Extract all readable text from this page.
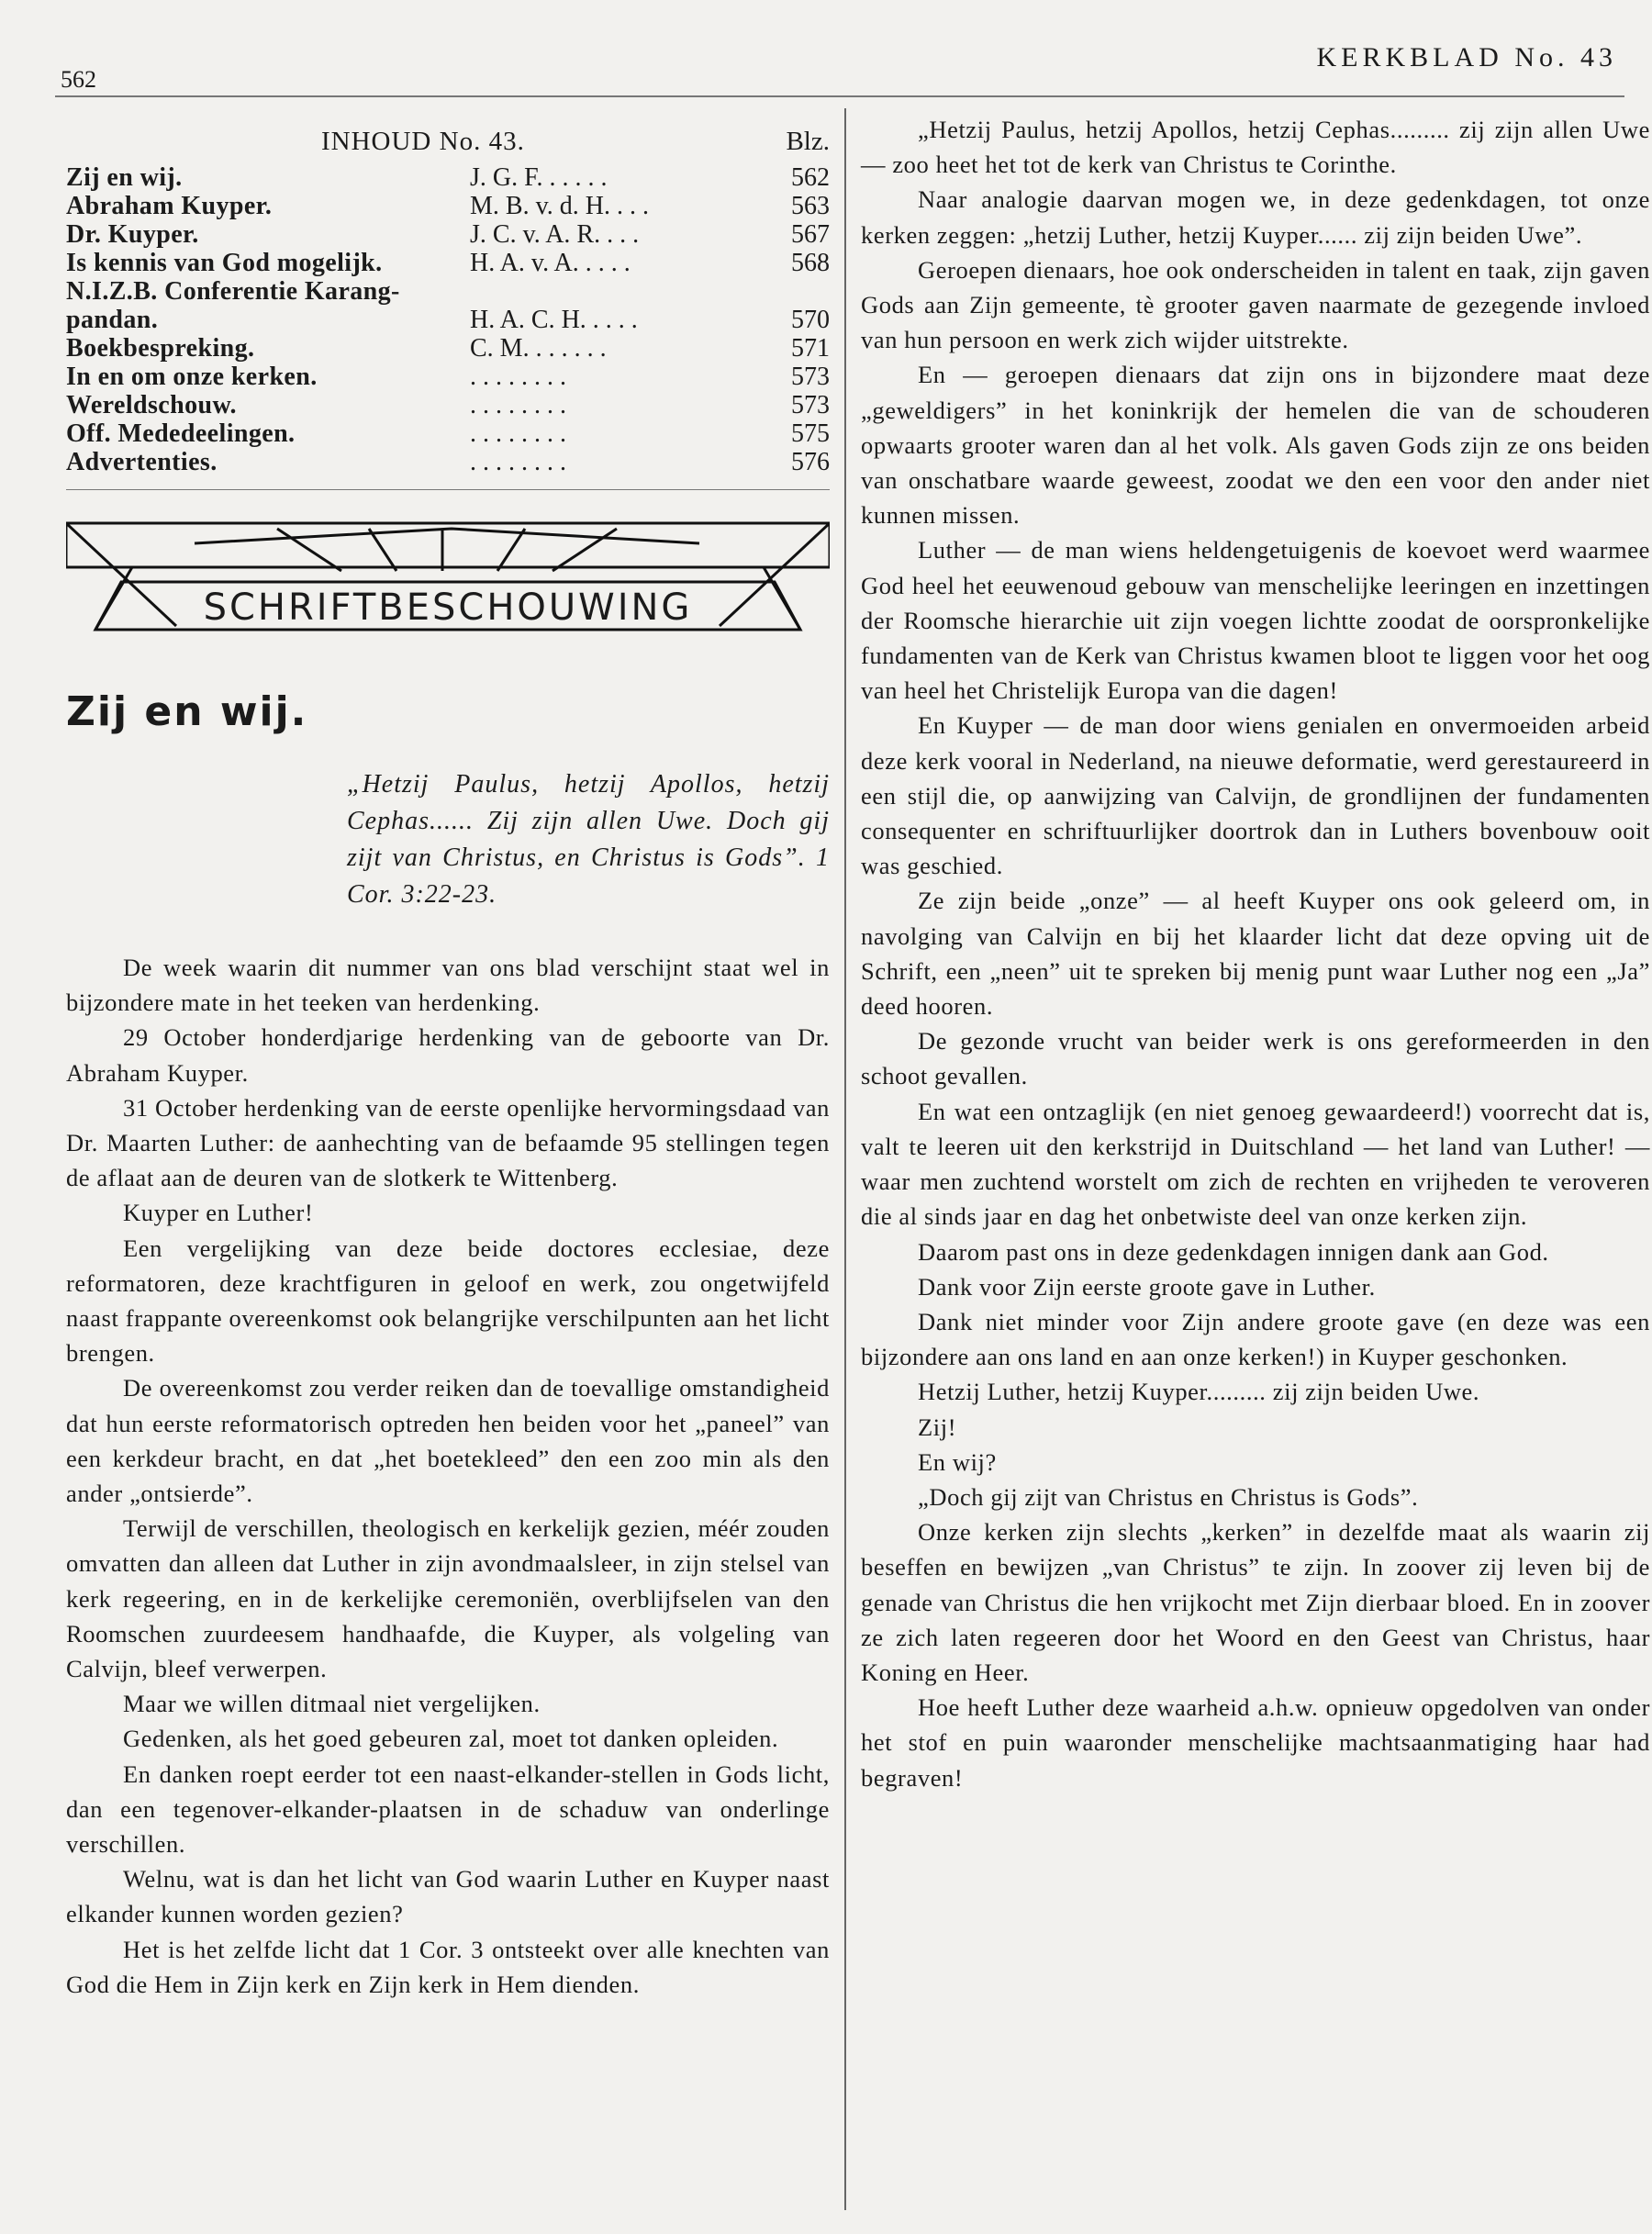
562
KERKBLAD No. 43
INHOUD No. 43.	Blz.
Zij en wij.	J. G. F. . . . . .	562
Abraham Kuyper.	M. B. v. d. H. . . .	563
Dr. Kuyper.	J. C. v. A. R. . . .	567
Is kennis van God mogelijk.	H. A. v. A. . . . .	568
N.I.Z.B. Conferentie Karang-
pandan.	H. A. C. H. . . . .	570
Boekbespreking.	C. M. . . . . . .	571
In en om onze kerken.	. . . . . . . .	573
Wereldschouw.	. . . . . . . .	573
Off. Mededeelingen.	. . . . . . . .	575
Advertenties.	. . . . . . . .	576
SCHRIFTBESCHOUWING
Zij en wij.
„Hetzij Paulus, hetzij Apollos, hetzij Cephas...... Zij zijn allen Uwe. Doch gij zijt van Christus, en Christus is Gods”. 1 Cor. 3:22-23.

De week waarin dit nummer van ons blad verschijnt staat wel in bijzondere mate in het teeken van herdenking.

29 October honderdjarige herdenking van de geboorte van Dr. Abraham Kuyper.

31 October herdenking van de eerste openlijke hervormingsdaad van Dr. Maarten Luther: de aanhechting van de befaamde 95 stellingen tegen de aflaat aan de deuren van de slotkerk te Wittenberg.

Kuyper en Luther!

Een vergelijking van deze beide doctores ecclesiae, deze reformatoren, deze krachtfiguren in geloof en werk, zou ongetwijfeld naast frappante overeenkomst ook belangrijke verschilpunten aan het licht brengen.

De overeenkomst zou verder reiken dan de toevallige omstandigheid dat hun eerste reformatorisch optreden hen beiden voor het „paneel” van een kerkdeur bracht, en dat „het boetekleed” den een zoo min als den ander „ontsierde”.

Terwijl de verschillen, theologisch en kerkelijk gezien, méér zouden omvatten dan alleen dat Luther in zijn avondmaalsleer, in zijn stelsel van kerk regeering, en in de kerkelijke ceremoniën, overblijfselen van den Roomschen zuurdeesem handhaafde, die Kuyper, als volgeling van Calvijn, bleef verwerpen.

Maar we willen ditmaal niet vergelijken.

Gedenken, als het goed gebeuren zal, moet tot danken opleiden.

En danken roept eerder tot een naast-elkander-stellen in Gods licht, dan een tegenover-elkander-plaatsen in de schaduw van onderlinge verschillen.

Welnu, wat is dan het licht van God waarin Luther en Kuyper naast elkander kunnen worden gezien?

Het is het zelfde licht dat 1 Cor. 3 ontsteekt over alle knechten van God die Hem in Zijn kerk en Zijn kerk in Hem dienden.

„Hetzij Paulus, hetzij Apollos, hetzij Cephas......... zij zijn allen Uwe — zoo heet het tot de kerk van Christus te Corinthe.

Naar analogie daarvan mogen we, in deze gedenkdagen, tot onze kerken zeggen: „hetzij Luther, hetzij Kuyper...... zij zijn beiden Uwe”.

Geroepen dienaars, hoe ook onderscheiden in talent en taak, zijn gaven Gods aan Zijn gemeente, tè grooter gaven naarmate de gezegende invloed van hun persoon en werk zich wijder uitstrekte.

En — geroepen dienaars dat zijn ons in bijzondere maat deze „geweldigers” in het koninkrijk der hemelen die van de schouderen opwaarts grooter waren dan al het volk. Als gaven Gods zijn ze ons beiden van onschatbare waarde geweest, zoodat we den een voor den ander niet kunnen missen.

Luther — de man wiens heldengetuigenis de koevoet werd waarmee God heel het eeuwenoud gebouw van menschelijke leeringen en inzettingen der Roomsche hierarchie uit zijn voegen lichtte zoodat de oorspronkelijke fundamenten van de Kerk van Christus kwamen bloot te liggen voor het oog van heel het Christelijk Europa van die dagen!

En Kuyper — de man door wiens genialen en onvermoeiden arbeid deze kerk vooral in Nederland, na nieuwe deformatie, werd gerestaureerd in een stijl die, op aanwijzing van Calvijn, de grondlijnen der fundamenten consequenter en schriftuurlijker doortrok dan in Luthers bovenbouw ooit was geschied.

Ze zijn beide „onze” — al heeft Kuyper ons ook geleerd om, in navolging van Calvijn en bij het klaarder licht dat deze opving uit de Schrift, een „neen” uit te spreken bij menig punt waar Luther nog een „Ja” deed hooren.

De gezonde vrucht van beider werk is ons gereformeerden in den schoot gevallen.

En wat een ontzaglijk (en niet genoeg gewaardeerd!) voorrecht dat is, valt te leeren uit den kerkstrijd in Duitschland — het land van Luther! — waar men zuchtend worstelt om zich de rechten en vrijheden te veroveren die al sinds jaar en dag het onbetwiste deel van onze kerken zijn.

Daarom past ons in deze gedenkdagen innigen dank aan God.

Dank voor Zijn eerste groote gave in Luther.

Dank niet minder voor Zijn andere groote gave (en deze was een bijzondere aan ons land en aan onze kerken!) in Kuyper geschonken.

Hetzij Luther, hetzij Kuyper......... zij zijn beiden Uwe.

Zij!

En wij?

„Doch gij zijt van Christus en Christus is Gods”.

Onze kerken zijn slechts „kerken” in dezelfde maat als waarin zij beseffen en bewijzen „van Christus” te zijn. In zoover zij leven bij de genade van Christus die hen vrijkocht met Zijn dierbaar bloed. En in zoover ze zich laten regeeren door het Woord en den Geest van Christus, haar Koning en Heer.

Hoe heeft Luther deze waarheid a.h.w. opnieuw opgedolven van onder het stof en puin waaronder menschelijke machtsaanmatiging haar had begraven!
